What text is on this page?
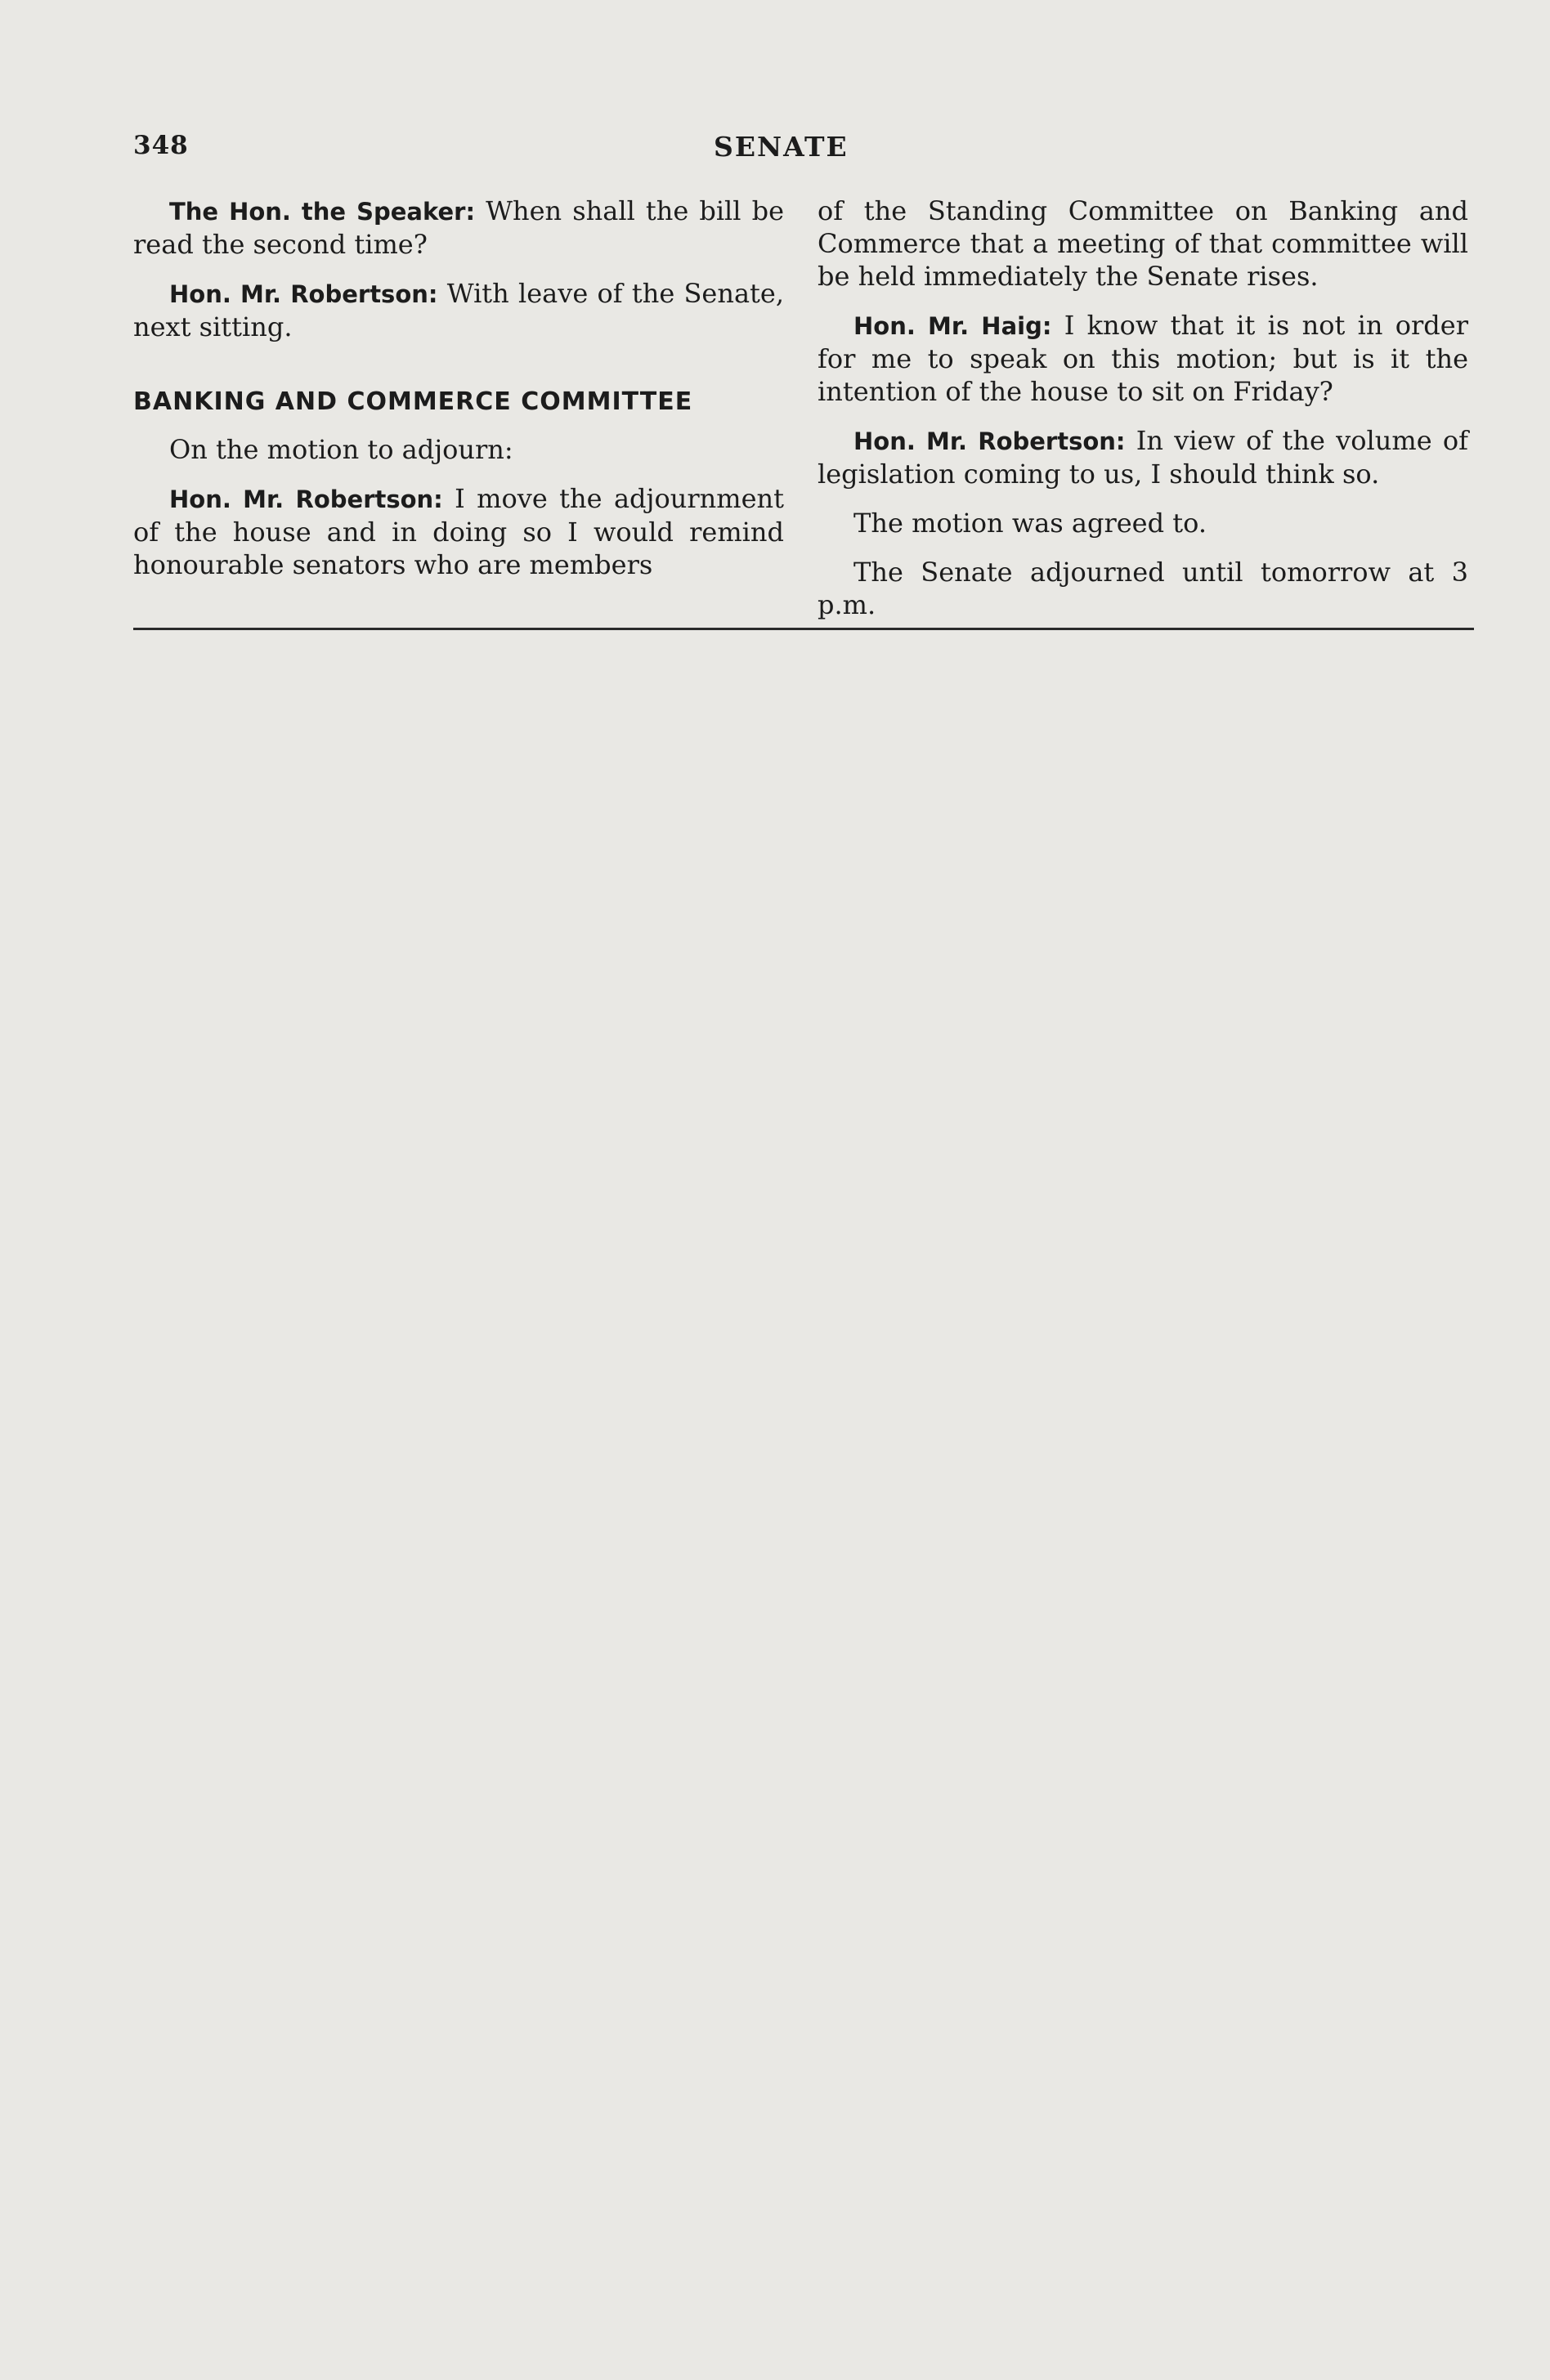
348	SENATE

The Hon. the Speaker: When shall the bill be read the second time?

Hon. Mr. Robertson: With leave of the Senate, next sitting.

BANKING AND COMMERCE COMMITTEE

On the motion to adjourn:

Hon. Mr. Robertson: I move the adjournment of the house and in doing so I would remind honourable senators who are members

of the Standing Committee on Banking and Commerce that a meeting of that committee will be held immediately the Senate rises.

Hon. Mr. Haig: I know that it is not in order for me to speak on this motion; but is it the intention of the house to sit on Friday?

Hon. Mr. Robertson: In view of the volume of legislation coming to us, I should think so.

The motion was agreed to.

The Senate adjourned until tomorrow at 3 p.m.
